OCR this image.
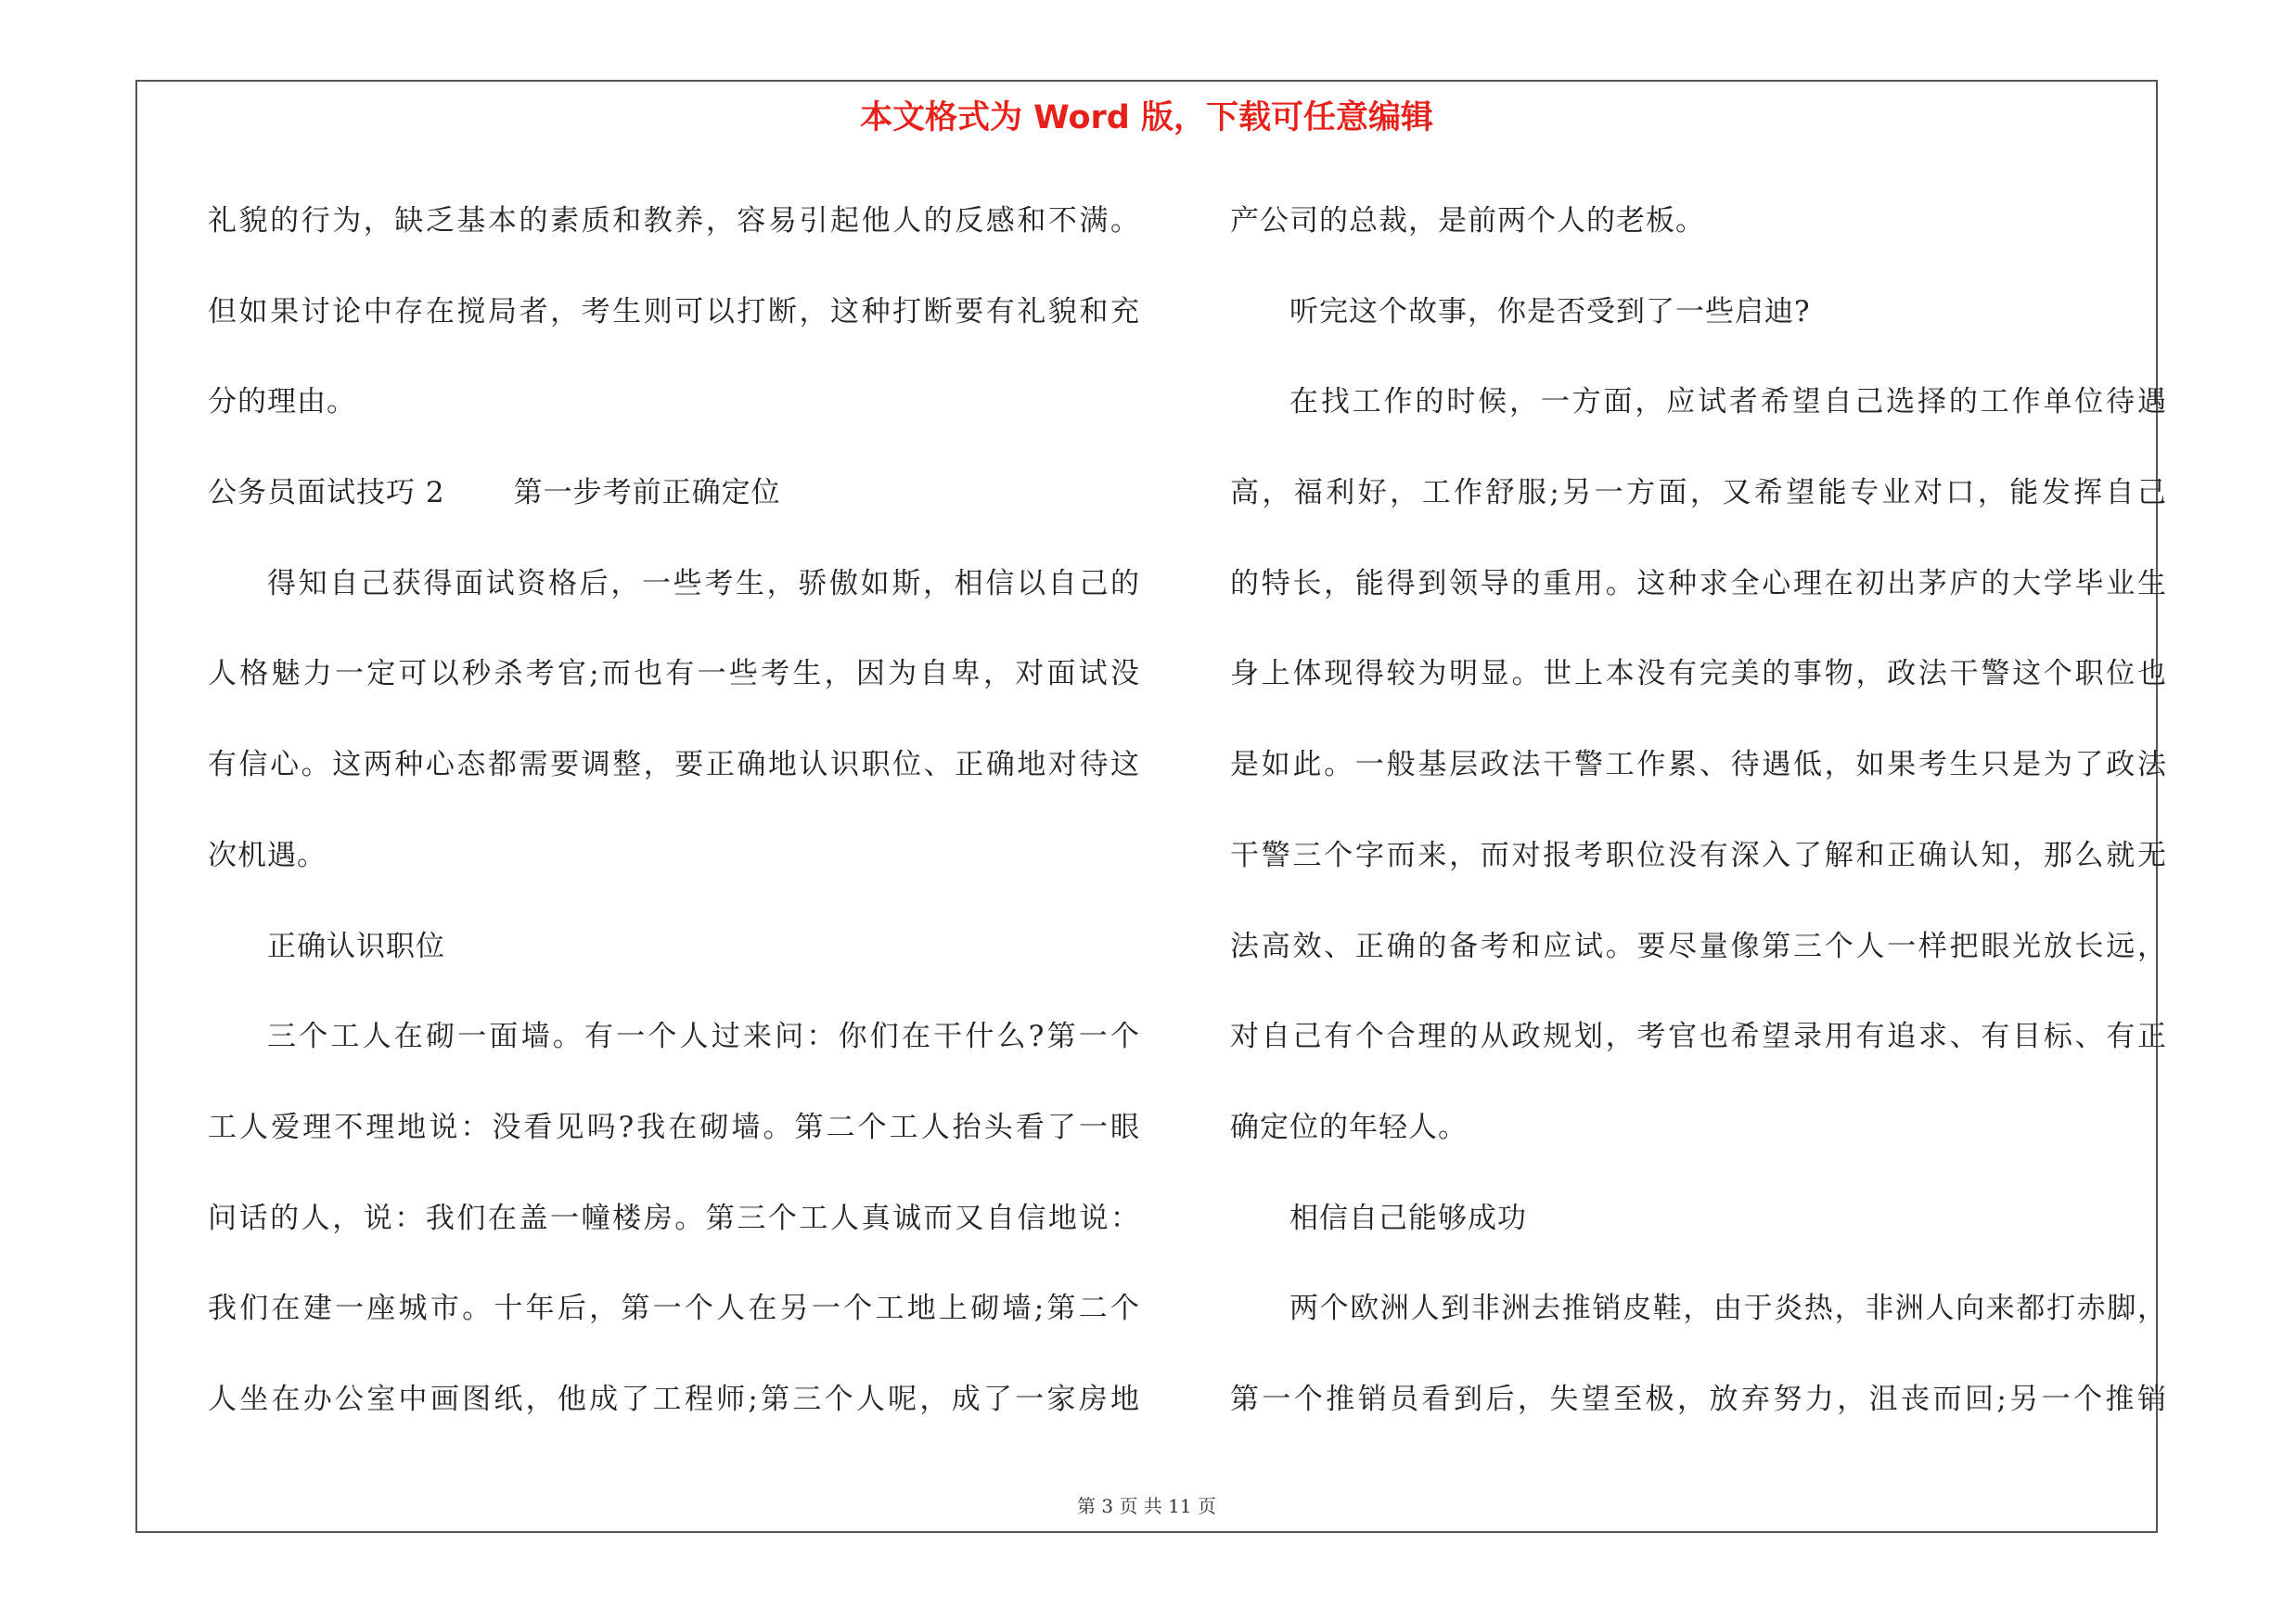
本文格式为 Word 版，下载可任意编辑
礼貌的行为，缺乏基本的素质和教养，容易引起他人的反感和不满。
但如果讨论中存在搅局者，考生则可以打断，这种打断要有礼貌和充
分的理由。
公务员面试技巧 2 第一步考前正确定位
得知自己获得面试资格后，一些考生，骄傲如斯，相信以自己的
人格魅力一定可以秒杀考官;而也有一些考生，因为自卑，对面试没
有信心。这两种心态都需要调整，要正确地认识职位、正确地对待这
次机遇。
正确认识职位
三个工人在砌一面墙。有一个人过来问：你们在干什么?第一个
工人爱理不理地说：没看见吗?我在砌墙。第二个工人抬头看了一眼
问话的人，说：我们在盖一幢楼房。第三个工人真诚而又自信地说：
我们在建一座城市。十年后，第一个人在另一个工地上砌墙;第二个
人坐在办公室中画图纸，他成了工程师;第三个人呢，成了一家房地
产公司的总裁，是前两个人的老板。
听完这个故事，你是否受到了一些启迪?
在找工作的时候，一方面，应试者希望自己选择的工作单位待遇
高，福利好，工作舒服;另一方面，又希望能专业对口，能发挥自己
的特长，能得到领导的重用。这种求全心理在初出茅庐的大学毕业生
身上体现得较为明显。世上本没有完美的事物，政法干警这个职位也
是如此。一般基层政法干警工作累、待遇低，如果考生只是为了政法
干警三个字而来，而对报考职位没有深入了解和正确认知，那么就无
法高效、正确的备考和应试。要尽量像第三个人一样把眼光放长远，
对自己有个合理的从政规划，考官也希望录用有追求、有目标、有正
确定位的年轻人。
相信自己能够成功
两个欧洲人到非洲去推销皮鞋，由于炎热，非洲人向来都打赤脚，
第一个推销员看到后，失望至极，放弃努力，沮丧而回;另一个推销
第 3 页 共 11 页
